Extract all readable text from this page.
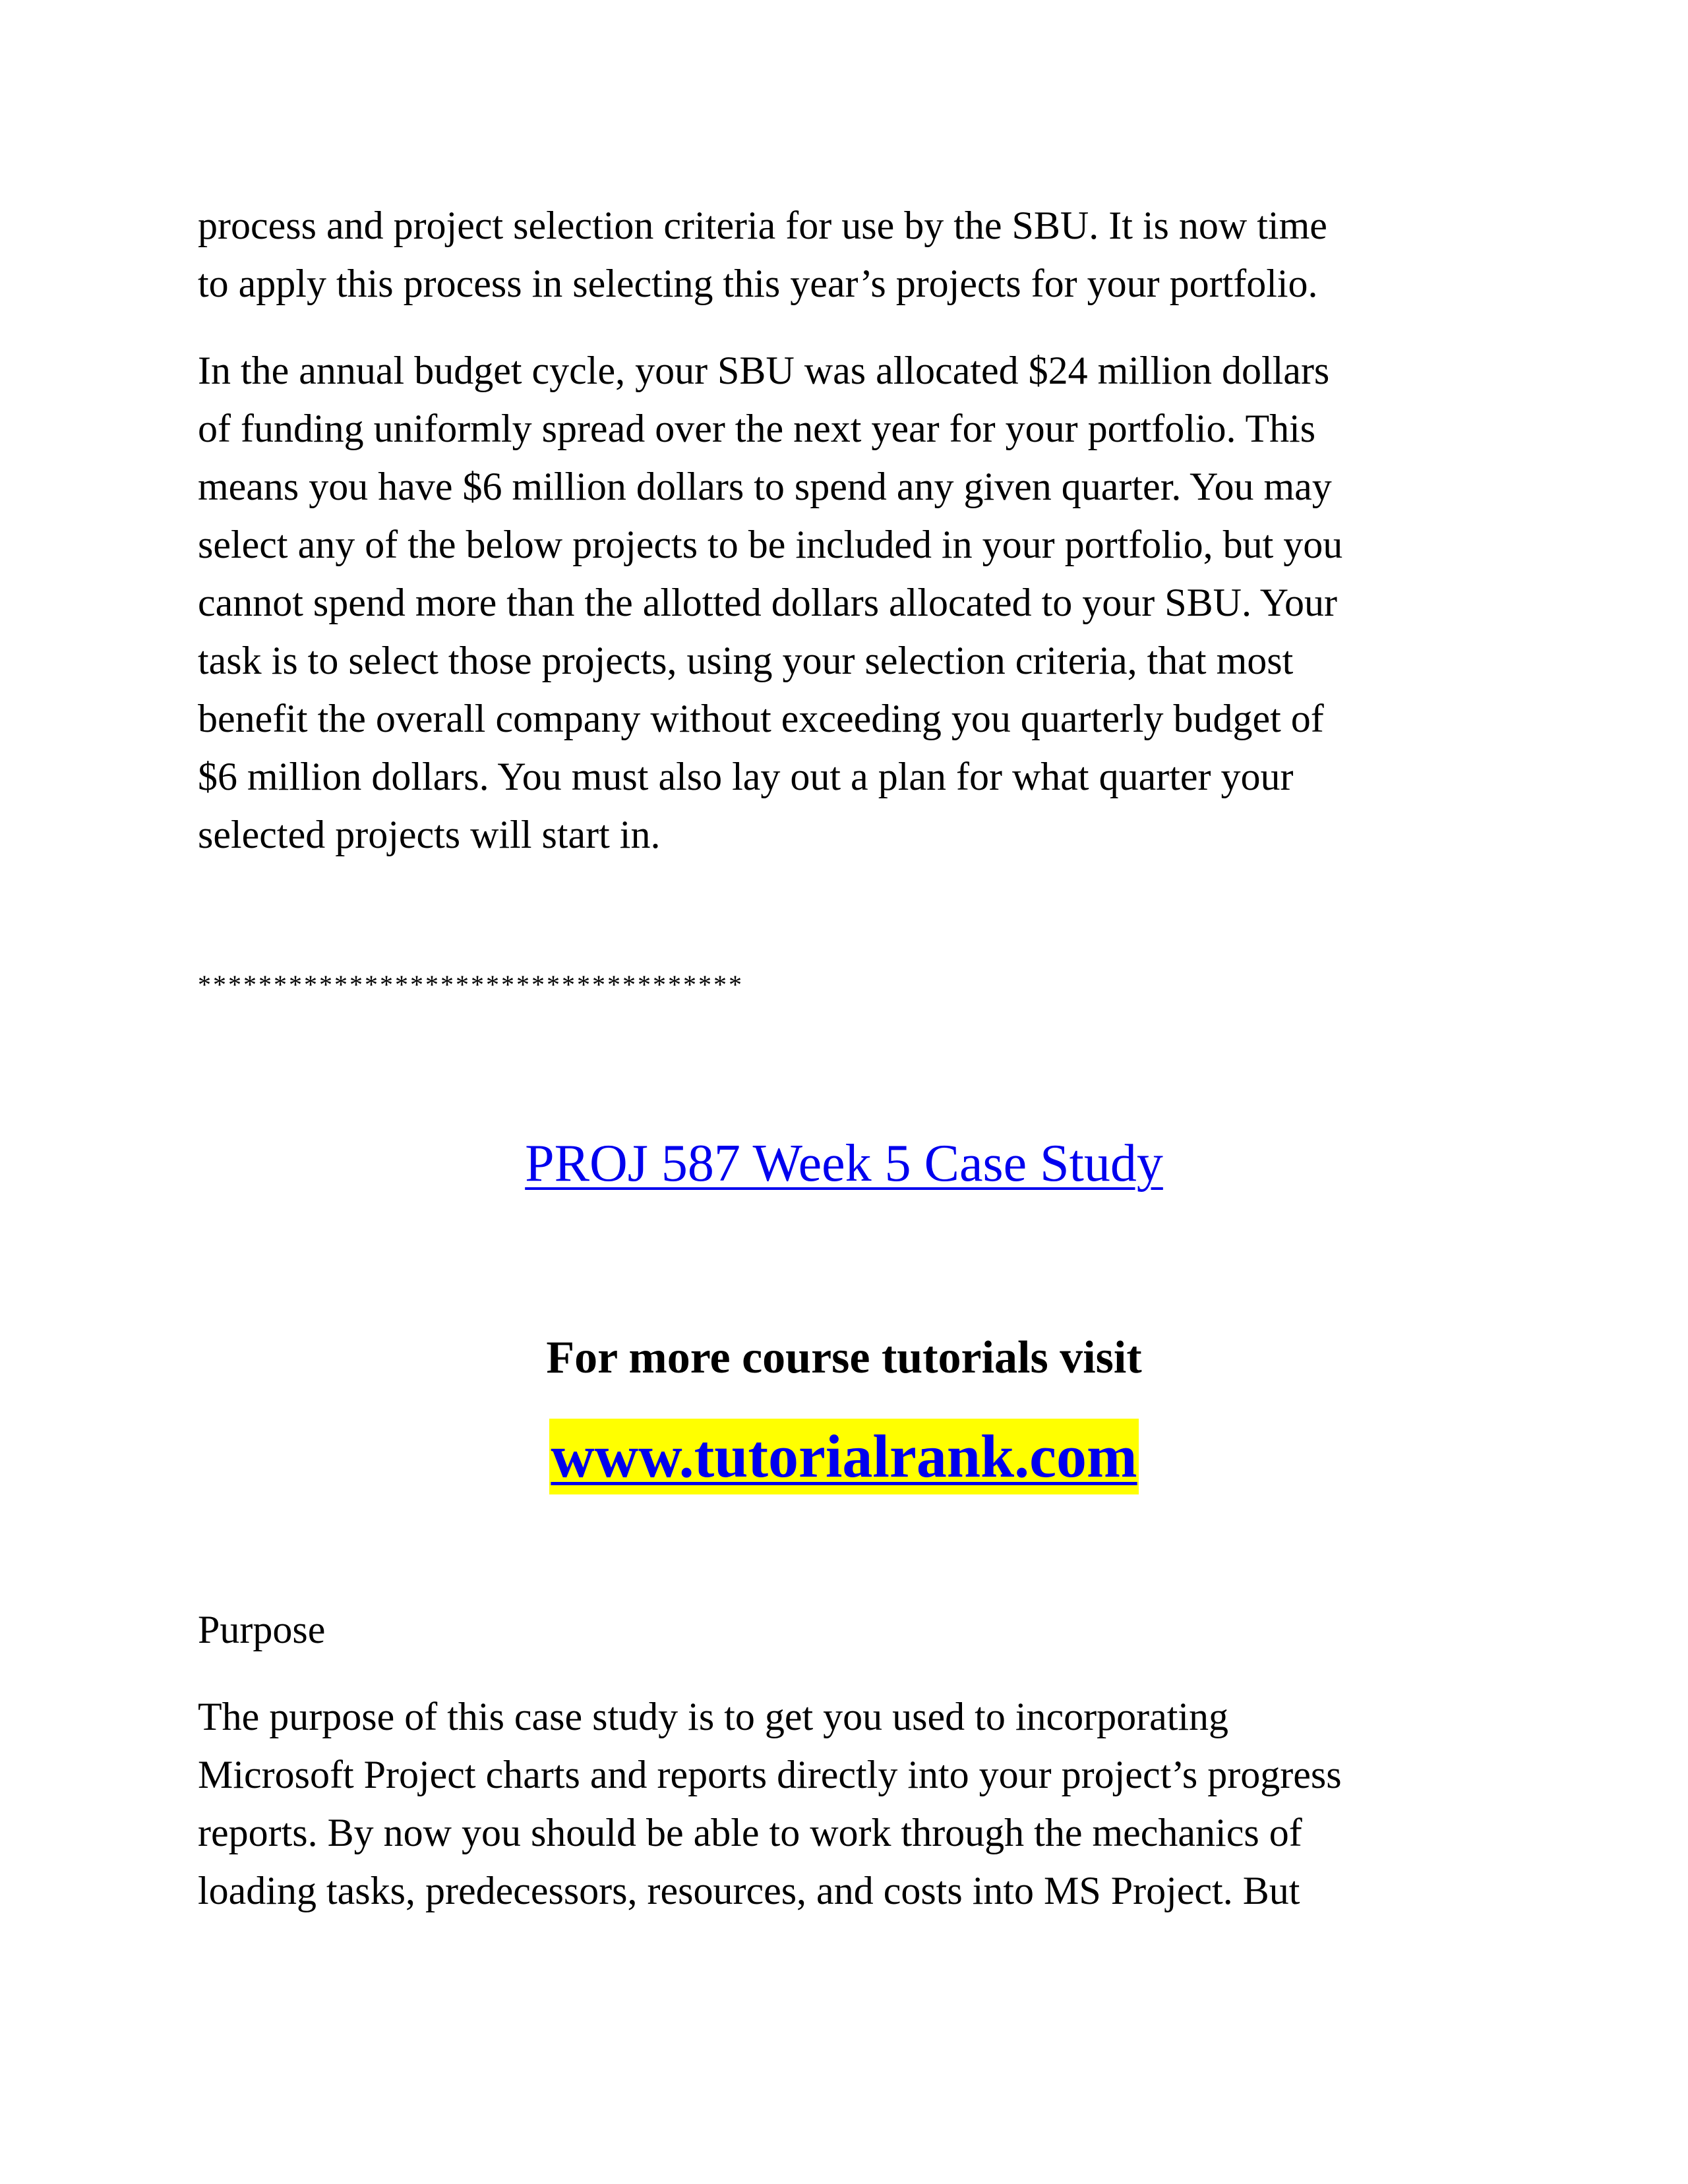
process and project selection criteria for use by the SBU. It is now time
to apply this process in selecting this year’s projects for your portfolio.
In the annual budget cycle, your SBU was allocated $24 million dollars
of funding uniformly spread over the next year for your portfolio. This
means you have $6 million dollars to spend any given quarter. You may
select any of the below projects to be included in your portfolio, but you
cannot spend more than the allotted dollars allocated to your SBU. Your
task is to select those projects, using your selection criteria, that most
benefit the overall company without exceeding you quarterly budget of
$6 million dollars. You must also lay out a plan for what quarter your
selected projects will start in.

************************************

PROJ 587 Week 5 Case Study

For more course tutorials visit

www.tutorialrank.com

Purpose

The purpose of this case study is to get you used to incorporating
Microsoft Project charts and reports directly into your project’s progress
reports. By now you should be able to work through the mechanics of
loading tasks, predecessors, resources, and costs into MS Project. But
